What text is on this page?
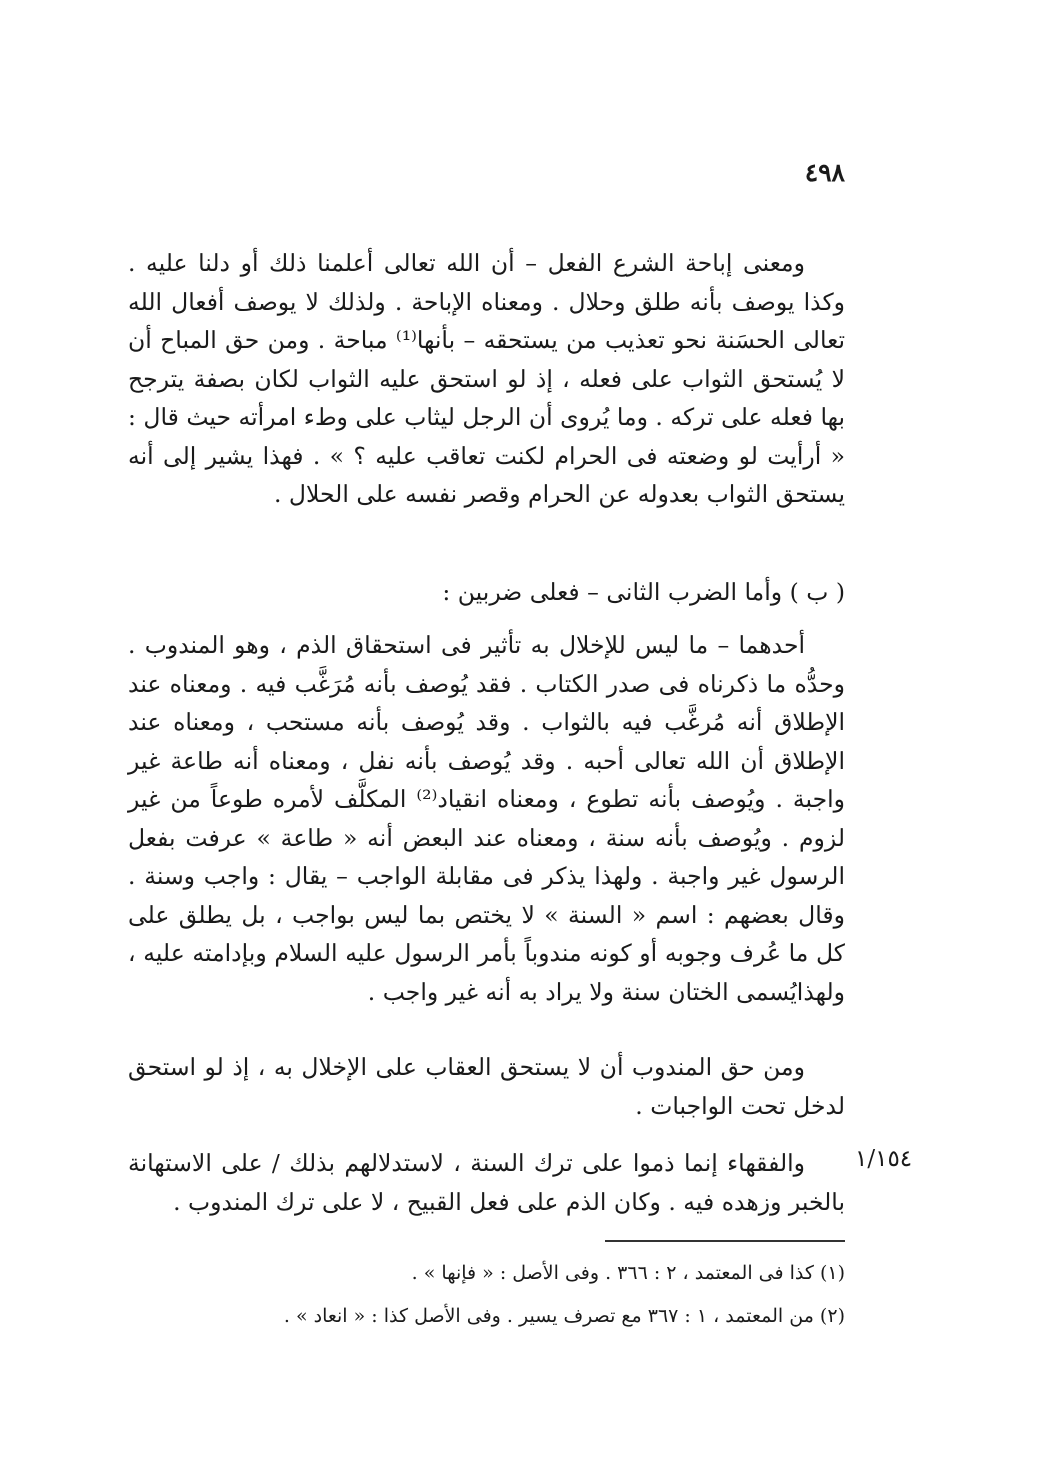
٤٩٨

ومعنى إباحة الشرع الفعل – أن الله تعالى أعلمنا ذلك أو دلنا عليه . وكذا يوصف بأنه طلق وحلال . ومعناه الإباحة . ولذلك لا يوصف أفعال الله تعالى الحسَنة نحو تعذيب من يستحقه – بأنها⁽¹⁾ مباحة . ومن حق المباح أن لا يُستحق الثواب على فعله ، إذ لو استحق عليه الثواب لكان بصفة يترجح بها فعله على تركه . وما يُروى أن الرجل ليثاب على وطء امرأته حيث قال : « أرأيت لو وضعته فى الحرام لكنت تعاقب عليه ؟ » . فهذا يشير إلى أنه يستحق الثواب بعدوله عن الحرام وقصر نفسه على الحلال .

( ب ) وأما الضرب الثانى – فعلى ضربين :

أحدهما – ما ليس للإخلال به تأثير فى استحقاق الذم ، وهو المندوب . وحدُّه ما ذكرناه فى صدر الكتاب . فقد يُوصف بأنه مُرَغَّب فيه . ومعناه عند الإطلاق أنه مُرغَّب فيه بالثواب . وقد يُوصف بأنه مستحب ، ومعناه عند الإطلاق أن الله تعالى أحبه . وقد يُوصف بأنه نفل ، ومعناه أنه طاعة غير واجبة . ويُوصف بأنه تطوع ، ومعناه انقياد⁽²⁾ المكلَّف لأمره طوعاً من غير لزوم . ويُوصف بأنه سنة ، ومعناه عند البعض أنه « طاعة » عرفت بفعل الرسول غير واجبة . ولهذا يذكر فى مقابلة الواجب – يقال : واجب وسنة . وقال بعضهم : اسم « السنة » لا يختص بما ليس بواجب ، بل يطلق على كل ما عُرف وجوبه أو كونه مندوباً بأمر الرسول عليه السلام وبإدامته عليه ، ولهذايُسمى الختان سنة ولا يراد به أنه غير واجب .

ومن حق المندوب أن لا يستحق العقاب على الإخلال به ، إذ لو استحق لدخل تحت الواجبات .

١/١٥٤

والفقهاء إنما ذموا على ترك السنة ، لاستدلالهم بذلك / على الاستهانة بالخبر وزهده فيه . وكان الذم على فعل القبيح ، لا على ترك المندوب .

(١) كذا فى المعتمد ، ٢ : ٣٦٦ . وفى الأصل : « فإنها » .
(٢) من المعتمد ، ١ : ٣٦٧ مع تصرف يسير . وفى الأصل كذا : « انعاد » .
